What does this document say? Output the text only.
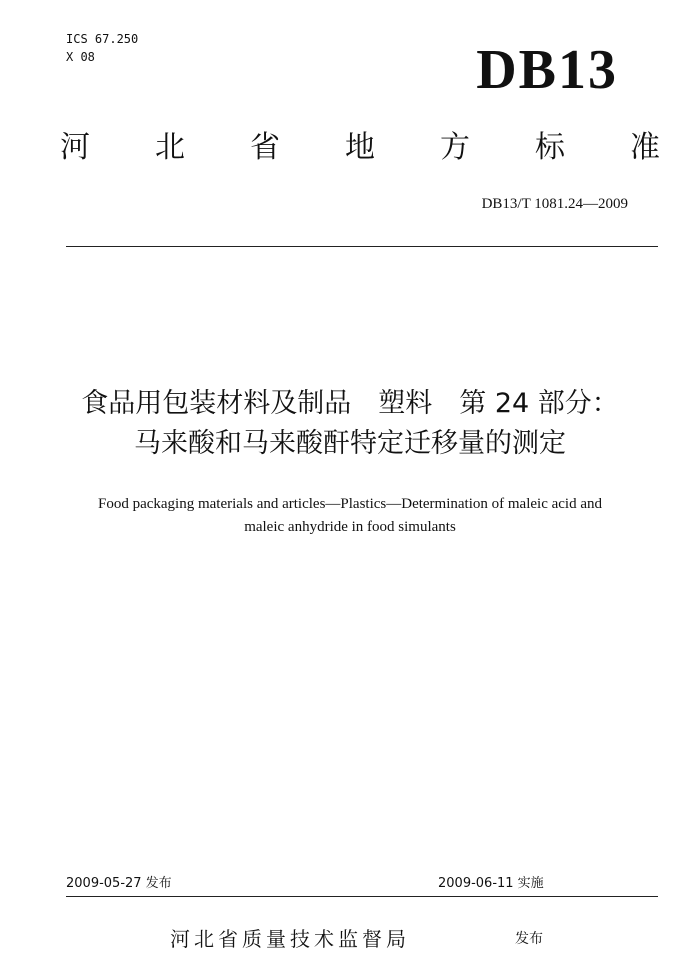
ICS 67.250
X 08	DB13
河 北 省 地 方 标 准
DB13/T 1081.24—2009
食品用包装材料及制品　塑料　第 24 部分：
马来酸和马来酸酐特定迁移量的测定
Food packaging materials and articles—Plastics—Determination of maleic acid and
maleic anhydride in food simulants
2009-05-27 发布	2009-06-11 实施
河北省质量技术监督局	发布
